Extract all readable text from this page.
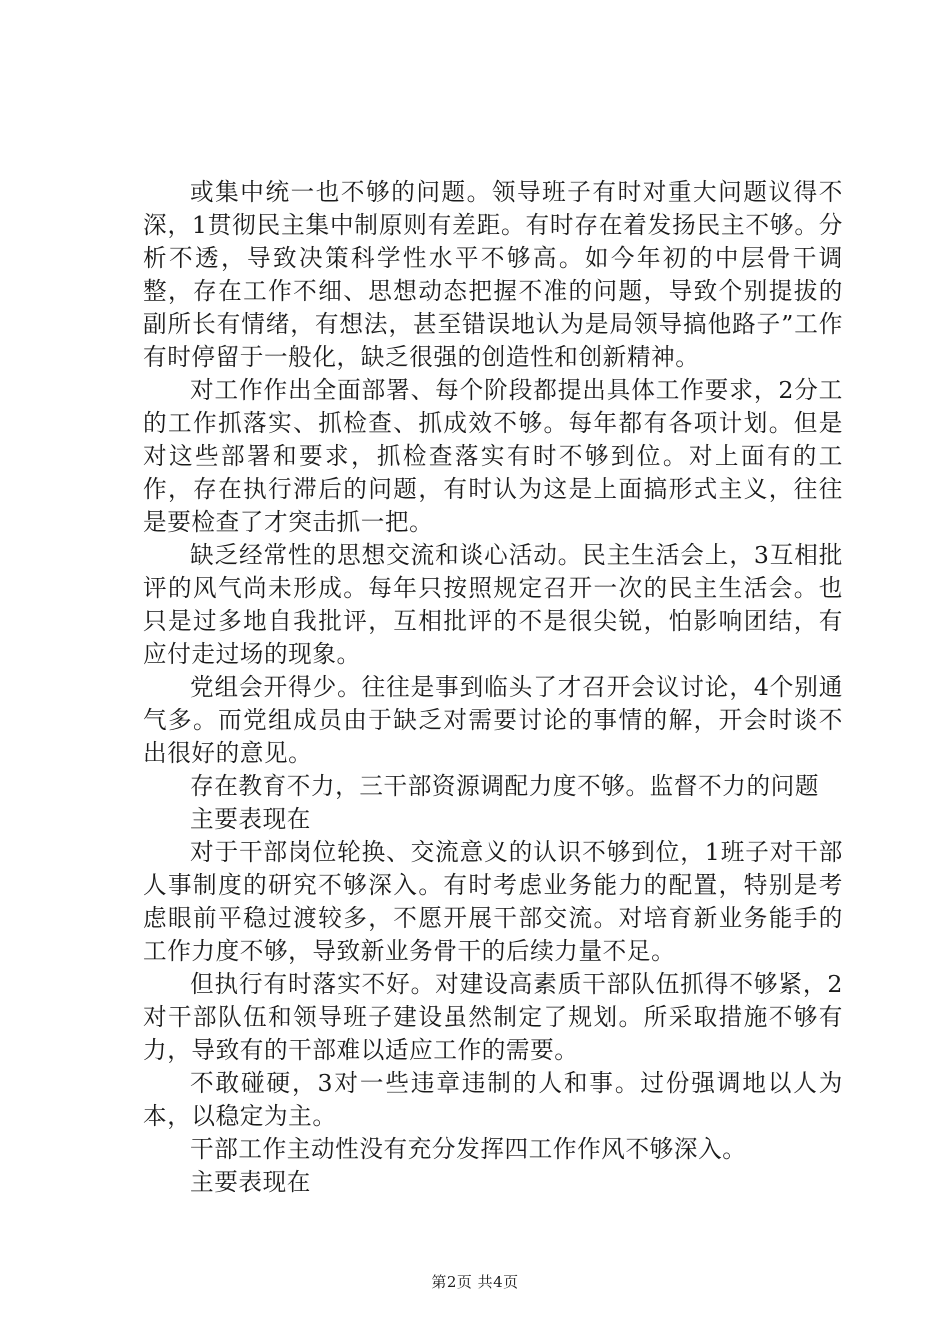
或集中统一也不够的问题。领导班子有时对重大问题议得不深，1贯彻民主集中制原则有差距。有时存在着发扬民主不够。分析不透，导致决策科学性水平不够高。如今年初的中层骨干调整，存在工作不细、思想动态把握不准的问题，导致个别提拔的副所长有情绪，有想法，甚至错误地认为是局领导搞他路子”工作有时停留于一般化，缺乏很强的创造性和创新精神。

对工作作出全面部署、每个阶段都提出具体工作要求，2分工的工作抓落实、抓检查、抓成效不够。每年都有各项计划。但是对这些部署和要求，抓检查落实有时不够到位。对上面有的工作，存在执行滞后的问题，有时认为这是上面搞形式主义，往往是要检查了才突击抓一把。

缺乏经常性的思想交流和谈心活动。民主生活会上，3互相批评的风气尚未形成。每年只按照规定召开一次的民主生活会。也只是过多地自我批评，互相批评的不是很尖锐，怕影响团结，有应付走过场的现象。

党组会开得少。往往是事到临头了才召开会议讨论，4个别通气多。而党组成员由于缺乏对需要讨论的事情的解，开会时谈不出很好的意见。

存在教育不力，三干部资源调配力度不够。监督不力的问题

主要表现在

对于干部岗位轮换、交流意义的认识不够到位，1班子对干部人事制度的研究不够深入。有时考虑业务能力的配置，特别是考虑眼前平稳过渡较多，不愿开展干部交流。对培育新业务能手的工作力度不够，导致新业务骨干的后续力量不足。

但执行有时落实不好。对建设高素质干部队伍抓得不够紧，2对干部队伍和领导班子建设虽然制定了规划。所采取措施不够有力，导致有的干部难以适应工作的需要。

不敢碰硬，3对一些违章违制的人和事。过份强调地以人为本，以稳定为主。

干部工作主动性没有充分发挥四工作作风不够深入。

主要表现在

第2页 共4页
